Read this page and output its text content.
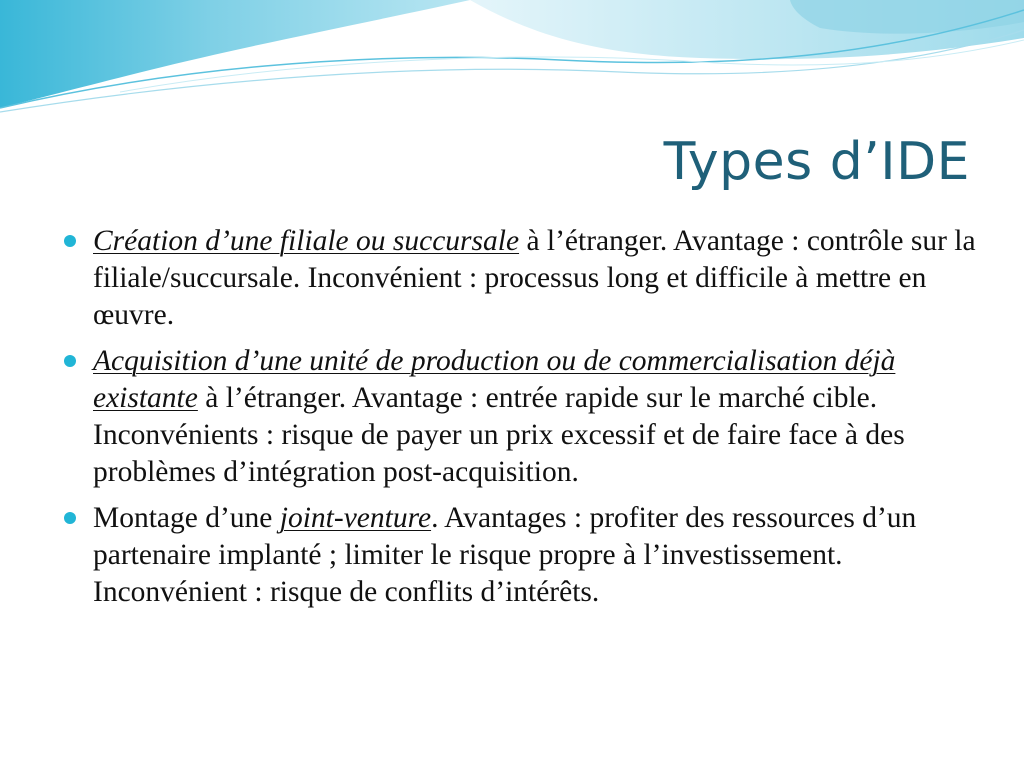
Types d’IDE
Création d’une filiale ou succursale à l’étranger. Avantage : contrôle sur la filiale/succursale. Inconvénient : processus long et difficile à mettre en œuvre.
Acquisition d’une unité de production ou de commercialisation déjà existante à l’étranger. Avantage : entrée rapide sur le marché cible. Inconvénients : risque de payer un prix excessif et de faire face à des problèmes d’intégration post-acquisition.
Montage d’une joint-venture. Avantages : profiter des ressources d’un partenaire implanté ; limiter le risque propre à l’investissement. Inconvénient : risque de conflits d’intérêts.
